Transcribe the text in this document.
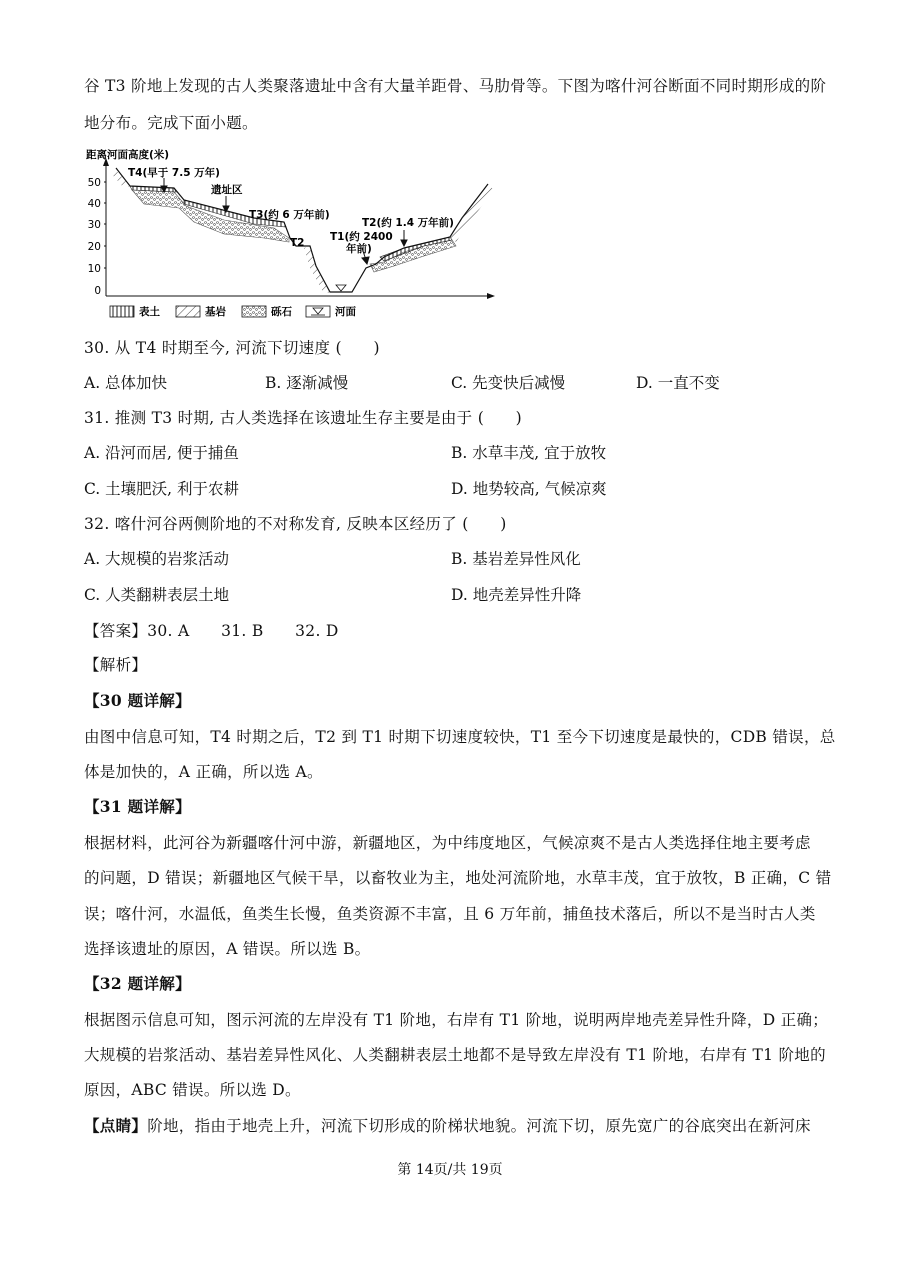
谷 T3 阶地上发现的古人类聚落遗址中含有大量羊距骨、马肋骨等。下图为喀什河谷断面不同时期形成的阶
地分布。完成下面小题。
距离河面高度(米)
50
40
30
20
10
0
T4(早于 7.5 万年)
遗址区
T3(约 6 万年前)
T2 T1(约 2400
年前)
T2(约 1.4 万年前)
表土	基岩	砾石	河面
30. 从 T4 时期至今, 河流下切速度 (　　)
A. 总体加快	B. 逐渐减慢	C. 先变快后减慢	D. 一直不变
31. 推测 T3 时期, 古人类选择在该遗址生存主要是由于 (　　)
A. 沿河而居, 便于捕鱼	B. 水草丰茂, 宜于放牧
C. 土壤肥沃, 利于农耕	D. 地势较高, 气候凉爽
32. 喀什河谷两侧阶地的不对称发育, 反映本区经历了 (　　)
A. 大规模的岩浆活动	B. 基岩差异性风化
C. 人类翻耕表层土地	D. 地壳差异性升降
【答案】30. A　　31. B　　32. D
【解析】
【30 题详解】
由图中信息可知，T4 时期之后，T2 到 T1 时期下切速度较快，T1 至今下切速度是最快的，CDB 错误，总
体是加快的，A 正确，所以选 A。
【31 题详解】
根据材料，此河谷为新疆喀什河中游，新疆地区，为中纬度地区，气候凉爽不是古人类选择住地主要考虑
的问题，D 错误；新疆地区气候干旱，以畜牧业为主，地处河流阶地，水草丰茂，宜于放牧，B 正确，C 错
误；喀什河，水温低，鱼类生长慢，鱼类资源不丰富，且 6 万年前，捕鱼技术落后，所以不是当时古人类
选择该遗址的原因，A 错误。所以选 B。
【32 题详解】
根据图示信息可知，图示河流的左岸没有 T1 阶地，右岸有 T1 阶地，说明两岸地壳差异性升降，D 正确；
大规模的岩浆活动、基岩差异性风化、人类翻耕表层土地都不是导致左岸没有 T1 阶地，右岸有 T1 阶地的
原因，ABC 错误。所以选 D。
【点睛】阶地，指由于地壳上升，河流下切形成的阶梯状地貌。河流下切，原先宽广的谷底突出在新河床
第 14页/共 19页
